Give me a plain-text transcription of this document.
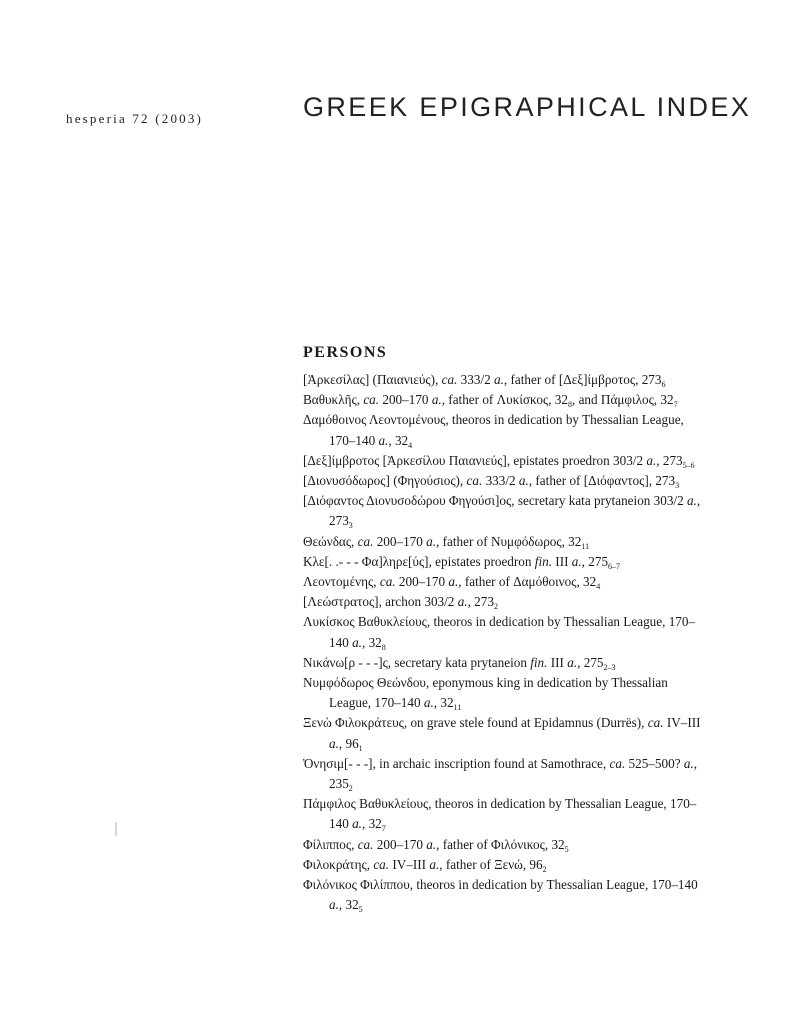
hesperia 72 (2003)	GREEK EPIGRAPHICAL INDEX
PERSONS
[Ἀρκεσίλας] (Παιανιεύς), ca. 333/2 a., father of [Δεξ]ίμβροτος, $273_6$
Βαθυκλῆς, ca. 200–170 a., father of Λυκίσκος, $32_8$, and Πάμφιλος, $32_7$
Δαμόθοινος Λεοντομένους, theoros in dedication by Thessalian League, 170–140 a., $32_4$
[Δεξ]ίμβροτος [Ἀρκεσίλου Παιανιεύς], epistates proedron 303/2 a., $273_{5-6}$
[Διονυσόδωρος] (Φηγούσιος), ca. 333/2 a., father of [Διόφαντος], $273_3$
[Διόφαντος Διονυσοδώρου Φηγούσι]ος, secretary kata prytaneion 303/2 a., $273_3$
Θεώνδας, ca. 200–170 a., father of Νυμφόδωρος, $32_{11}$
Κλε[. .- - - Φα]ληρε[ύς], epistates proedron fin. III a., $275_{6-7}$
Λεοντομένης, ca. 200–170 a., father of Δαμόθοινος, $32_4$
[Λεώστρατος], archon 303/2 a., $273_2$
Λυκίσκος Βαθυκλείους, theoros in dedication by Thessalian League, 170–140 a., $32_8$
Νικάνω[ρ - - -]ς, secretary kata prytaneion fin. III a., $275_{2-3}$
Νυμφόδωρος Θεώνδου, eponymous king in dedication by Thessalian League, 170–140 a., $32_{11}$
Ξενὼ Φιλοκράτευς, on grave stele found at Epidamnus (Durrës), ca. IV–III a., $96_1$
Ὀνησιμ[- - -], in archaic inscription found at Samothrace, ca. 525–500? a., $235_2$
Πάμφιλος Βαθυκλείους, theoros in dedication by Thessalian League, 170–140 a., $32_7$
Φίλιππος, ca. 200–170 a., father of Φιλόνικος, $32_5$
Φιλοκράτης, ca. IV–III a., father of Ξενώ, $96_2$
Φιλόνικος Φιλίππου, theoros in dedication by Thessalian League, 170–140 a., $32_5$
